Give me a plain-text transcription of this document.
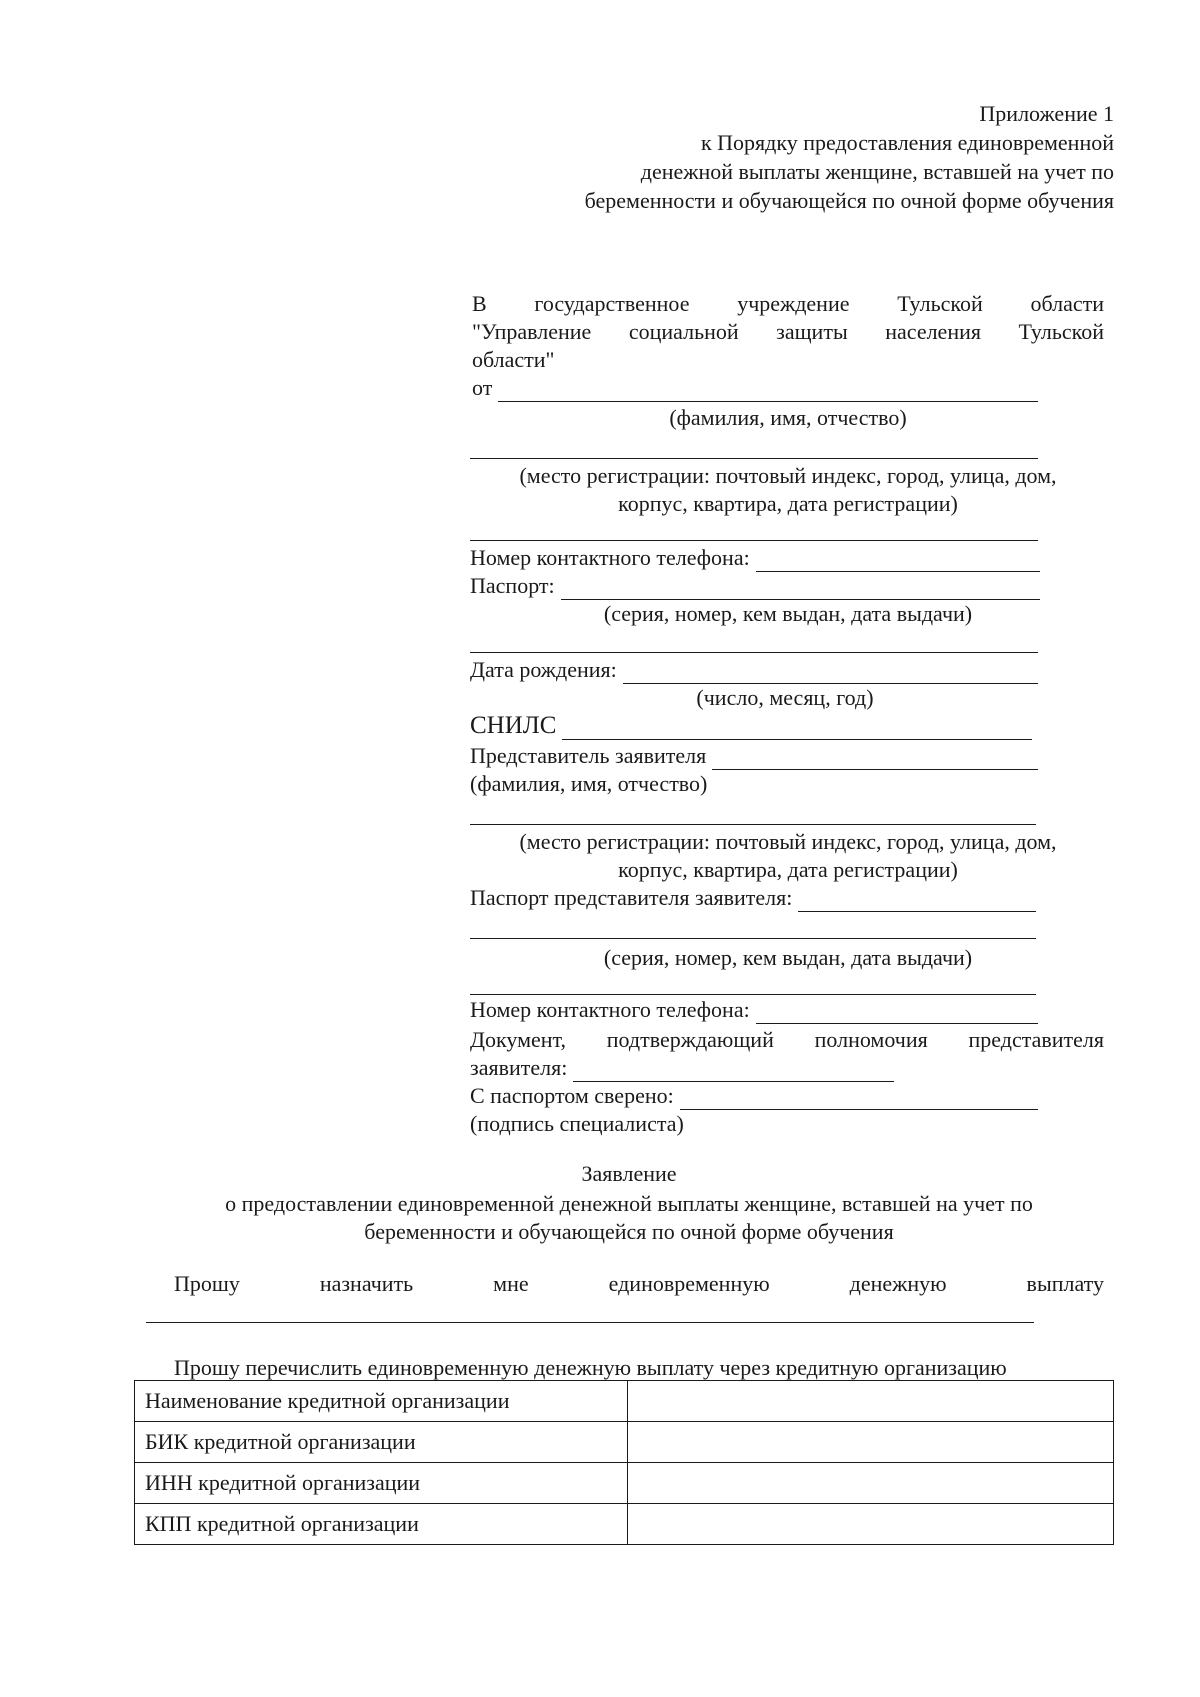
Приложение 1
к Порядку предоставления единовременной
денежной выплаты женщине, вставшей на учет по
беременности и обучающейся по очной форме обучения
В государственное учреждение Тульской области
"Управление социальной защиты населения Тульской
области"
от
(фамилия, имя, отчество)
(место регистрации: почтовый индекс, город, улица, дом,
корпус, квартира, дата регистрации)
Номер контактного телефона:
Паспорт:
(серия, номер, кем выдан, дата выдачи)
Дата рождения:
(число, месяц, год)
СНИЛС
Представитель заявителя
(фамилия, имя, отчество)
(место регистрации: почтовый индекс, город, улица, дом,
корпус, квартира, дата регистрации)
Паспорт представителя заявителя:
(серия, номер, кем выдан, дата выдачи)
Номер контактного телефона:
Документ, подтверждающий полномочия представителя
заявителя:
С паспортом сверено:
(подпись специалиста)
Заявление
о предоставлении единовременной денежной выплаты женщине, вставшей на учет по
беременности и обучающейся по очной форме обучения
Прошу назначить мне единовременную денежную выплату
Прошу перечислить единовременную денежную выплату через кредитную организацию
Наименование кредитной организации	
БИК кредитной организации	
ИНН кредитной организации	
КПП кредитной организации	
